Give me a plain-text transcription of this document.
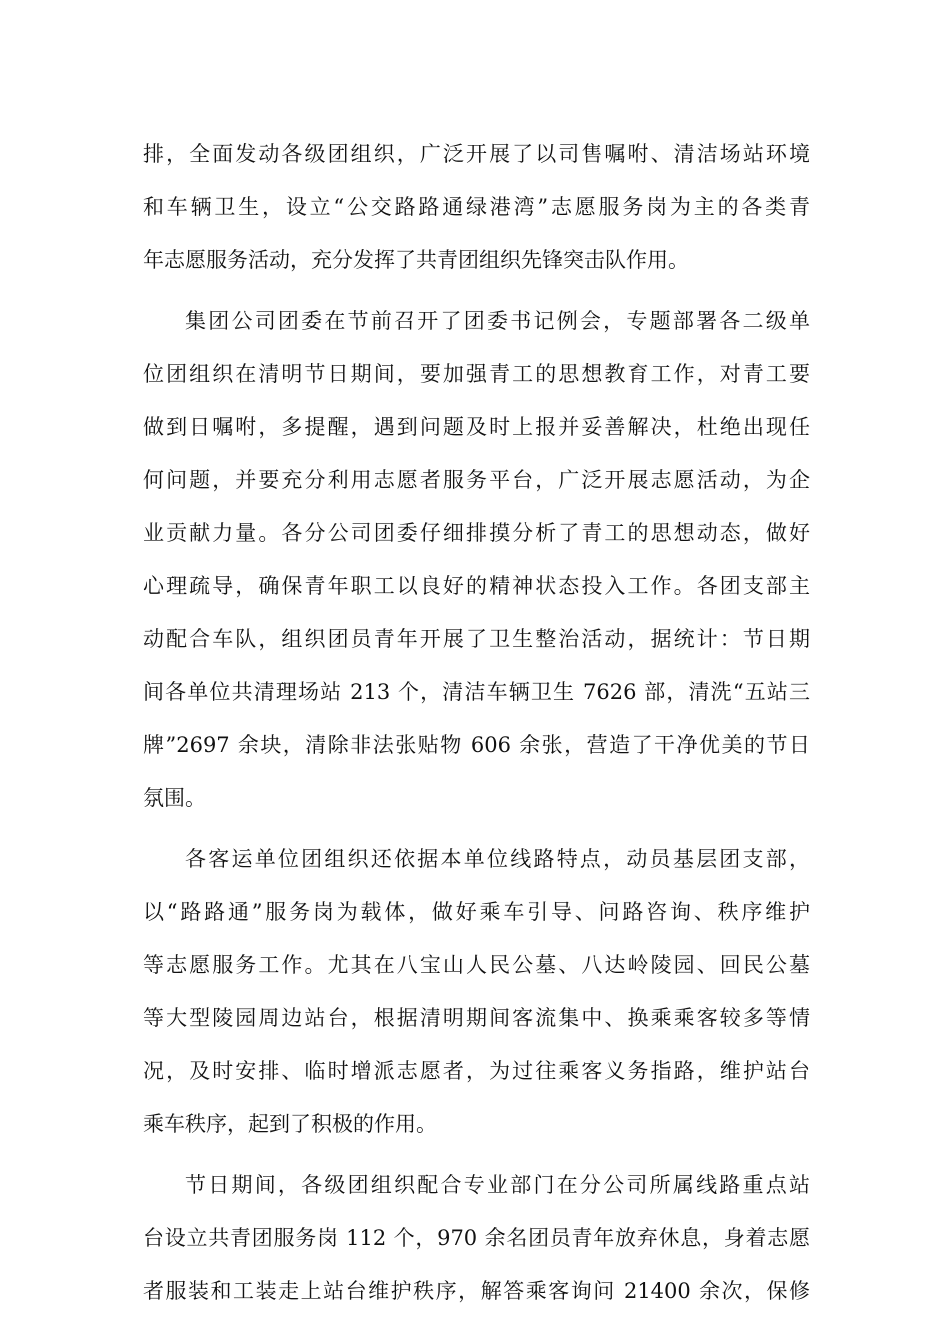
排，全面发动各级团组织，广泛开展了以司售嘱咐、清洁场站环境
和车辆卫生，设立“公交路路通绿港湾”志愿服务岗为主的各类青
年志愿服务活动，充分发挥了共青团组织先锋突击队作用。
集团公司团委在节前召开了团委书记例会，专题部署各二级单
位团组织在清明节日期间，要加强青工的思想教育工作，对青工要
做到日嘱咐，多提醒，遇到问题及时上报并妥善解决，杜绝出现任
何问题，并要充分利用志愿者服务平台，广泛开展志愿活动，为企
业贡献力量。各分公司团委仔细排摸分析了青工的思想动态，做好
心理疏导，确保青年职工以良好的精神状态投入工作。各团支部主
动配合车队，组织团员青年开展了卫生整治活动，据统计：节日期
间各单位共清理场站 213 个，清洁车辆卫生 7626 部，清洗“五站三
牌”2697 余块，清除非法张贴物 606 余张，营造了干净优美的节日
氛围。
各客运单位团组织还依据本单位线路特点，动员基层团支部，
以“路路通”服务岗为载体，做好乘车引导、问路咨询、秩序维护
等志愿服务工作。尤其在八宝山人民公墓、八达岭陵园、回民公墓
等大型陵园周边站台，根据清明期间客流集中、换乘乘客较多等情
况，及时安排、临时增派志愿者，为过往乘客义务指路，维护站台
乘车秩序，起到了积极的作用。
节日期间，各级团组织配合专业部门在分公司所属线路重点站
台设立共青团服务岗 112 个，970 余名团员青年放弃休息，身着志愿
者服装和工装走上站台维护秩序，解答乘客询问 21400 余次，保修
